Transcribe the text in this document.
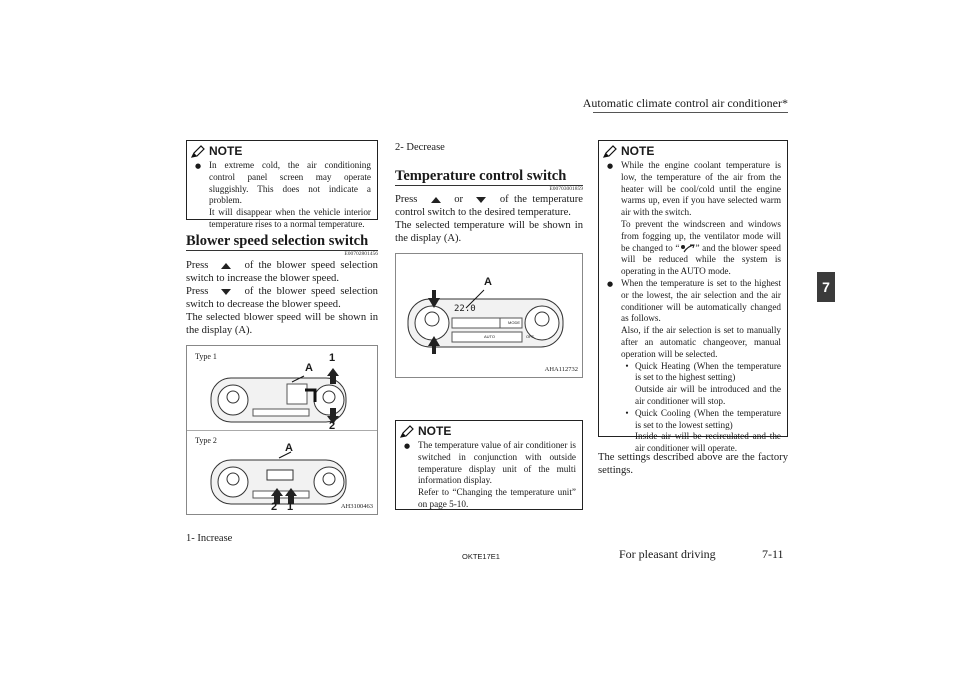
Automatic climate control air conditioner*
7
NOTE
● In extreme cold, the air conditioning control panel screen may operate sluggishly. This does not indicate a problem.
It will disappear when the vehicle interior temperature rises to a normal temperature.
Blower speed selection switch
E00702801456
Press	of the blower speed selection switch to increase the blower speed.
Press	of the blower speed selection switch to decrease the blower speed.
The selected blower speed will be shown in the display (A).
Type 1
Type 2
A
1
2
A
2 1	AH3100463
1- Increase
2- Decrease
Temperature control switch
E00703001859
Press	or	of the temperature control switch to the desired temperature.
The selected temperature will be shown in the display (A).
22.0
MODE
AUTO	OFF
A
AHA112732
NOTE
● The temperature value of air conditioner is switched in conjunction with outside temperature display unit of the multi information display.
Refer to “Changing the temperature unit” on page 5-10.
NOTE
● While the engine coolant temperature is low, the temperature of the air from the heater will be cool/cold until the engine warms up, even if you have selected warm air with the switch.
To prevent the windscreen and windows from fogging up, the ventilator mode will be changed to “ ” and the blower speed will be reduced while the system is operating in the AUTO mode.
● When the temperature is set to the highest or the lowest, the air selection and the air conditioner will be automatically changed as follows.
Also, if the air selection is set to manually after an automatic changeover, manual operation will be selected.
• Quick Heating (When the temperature is set to the highest setting)
Outside air will be introduced and the air conditioner will stop.
• Quick Cooling (When the temperature is set to the lowest setting)
Inside air will be recirculated and the air conditioner will operate.
The settings described above are the factory settings.
OKTE17E1	For pleasant driving	7-11
